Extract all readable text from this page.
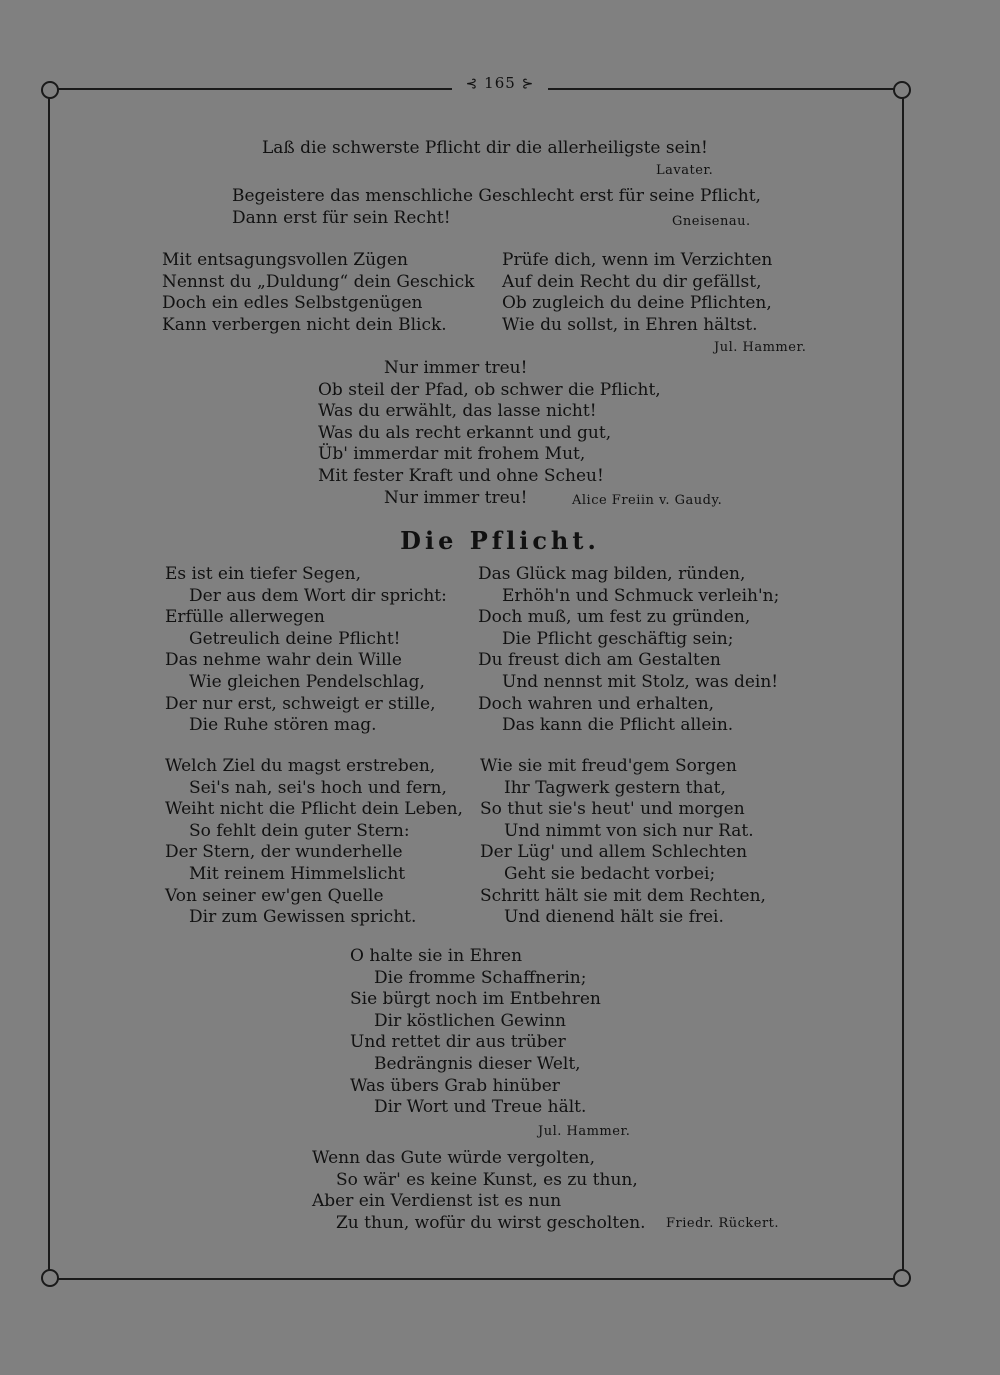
⊰ 165 ⊱
Laß die schwerste Pflicht dir die allerheiligste sein!
Lavater.
Begeistere das menschliche Geschlecht erst für seine Pflicht,
Dann erst für sein Recht!	Gneisenau.
Mit entsagungsvollen Zügen
Nennst du „Duldung“ dein Geschick
Doch ein edles Selbstgenügen
Kann verbergen nicht dein Blick.
Prüfe dich, wenn im Verzichten
Auf dein Recht du dir gefällst,
Ob zugleich du deine Pflichten,
Wie du sollst, in Ehren hältst.
Jul. Hammer.
Nur immer treu!
Ob steil der Pfad, ob schwer die Pflicht,
Was du erwählt, das lasse nicht!
Was du als recht erkannt und gut,
Üb' immerdar mit frohem Mut,
Mit fester Kraft und ohne Scheu!
Nur immer treu!	Alice Freiin v. Gaudy.
Die Pflicht.
Es ist ein tiefer Segen,
Der aus dem Wort dir spricht:
Erfülle allerwegen
Getreulich deine Pflicht!
Das nehme wahr dein Wille
Wie gleichen Pendelschlag,
Der nur erst, schweigt er stille,
Die Ruhe stören mag.
Das Glück mag bilden, ründen,
Erhöh'n und Schmuck verleih'n;
Doch muß, um fest zu gründen,
Die Pflicht geschäftig sein;
Du freust dich am Gestalten
Und nennst mit Stolz, was dein!
Doch wahren und erhalten,
Das kann die Pflicht allein.
Welch Ziel du magst erstreben,
Sei's nah, sei's hoch und fern,
Weiht nicht die Pflicht dein Leben,
So fehlt dein guter Stern:
Der Stern, der wunderhelle
Mit reinem Himmelslicht
Von seiner ew'gen Quelle
Dir zum Gewissen spricht.
Wie sie mit freud'gem Sorgen
Ihr Tagwerk gestern that,
So thut sie's heut' und morgen
Und nimmt von sich nur Rat.
Der Lüg' und allem Schlechten
Geht sie bedacht vorbei;
Schritt hält sie mit dem Rechten,
Und dienend hält sie frei.
O halte sie in Ehren
Die fromme Schaffnerin;
Sie bürgt noch im Entbehren
Dir köstlichen Gewinn
Und rettet dir aus trüber
Bedrängnis dieser Welt,
Was übers Grab hinüber
Dir Wort und Treue hält.
Jul. Hammer.
Wenn das Gute würde vergolten,
So wär' es keine Kunst, es zu thun,
Aber ein Verdienst ist es nun
Zu thun, wofür du wirst gescholten. Friedr. Rückert.
